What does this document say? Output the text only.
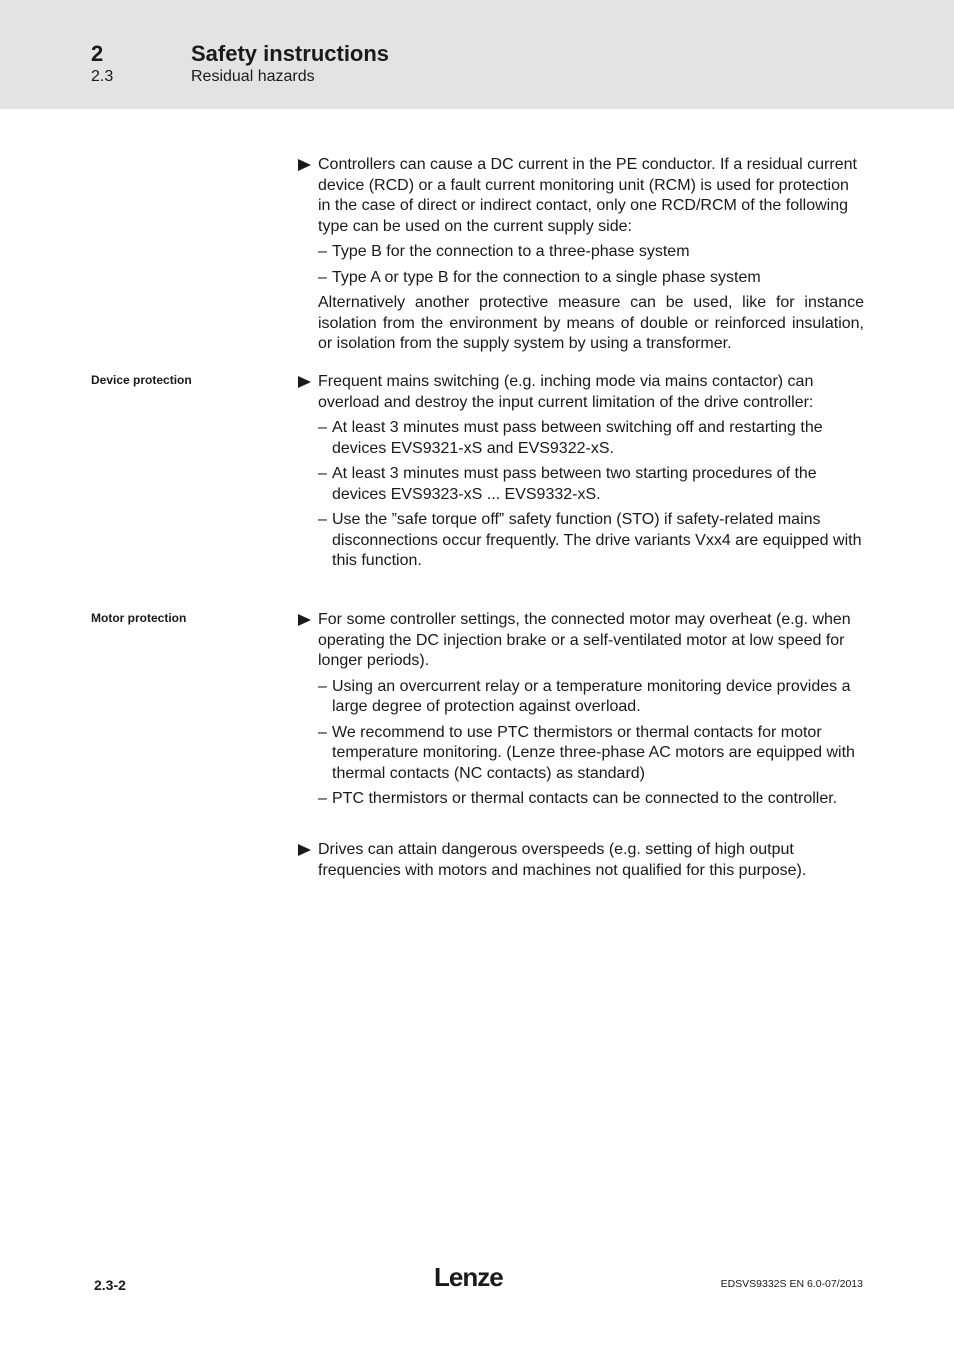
2	Safety instructions
2.3	Residual hazards
Controllers can cause a DC current in the PE conductor. If a residual current device (RCD) or a fault current monitoring unit (RCM) is used for protection in the case of direct or indirect contact, only one RCD/RCM of the following type can be used on the current supply side:
– Type B for the connection to a three-phase system
– Type A or type B for the connection to a single phase system
Alternatively another protective measure can be used, like for instance isolation from the environment by means of double or reinforced insulation, or isolation from the supply system by using a transformer.
Device protection	Frequent mains switching (e.g. inching mode via mains contactor) can overload and destroy the input current limitation of the drive controller:
– At least 3 minutes must pass between switching off and restarting the devices EVS9321-xS and EVS9322-xS.
– At least 3 minutes must pass between two starting procedures of the devices EVS9323-xS ... EVS9332-xS.
– Use the ”safe torque off” safety function (STO) if safety-related mains disconnections occur frequently. The drive variants Vxx4 are equipped with this function.
Motor protection	For some controller settings, the connected motor may overheat (e.g. when operating the DC injection brake or a self-ventilated motor at low speed for longer periods).
– Using an overcurrent relay or a temperature monitoring device provides a large degree of protection against overload.
– We recommend to use PTC thermistors or thermal contacts for motor temperature monitoring. (Lenze three-phase AC motors are equipped with thermal contacts (NC contacts) as standard)
– PTC thermistors or thermal contacts can be connected to the controller.
Drives can attain dangerous overspeeds (e.g. setting of high output frequencies with motors and machines not qualified for this purpose).
2.3-2	Lenze	EDSVS9332S EN 6.0-07/2013
